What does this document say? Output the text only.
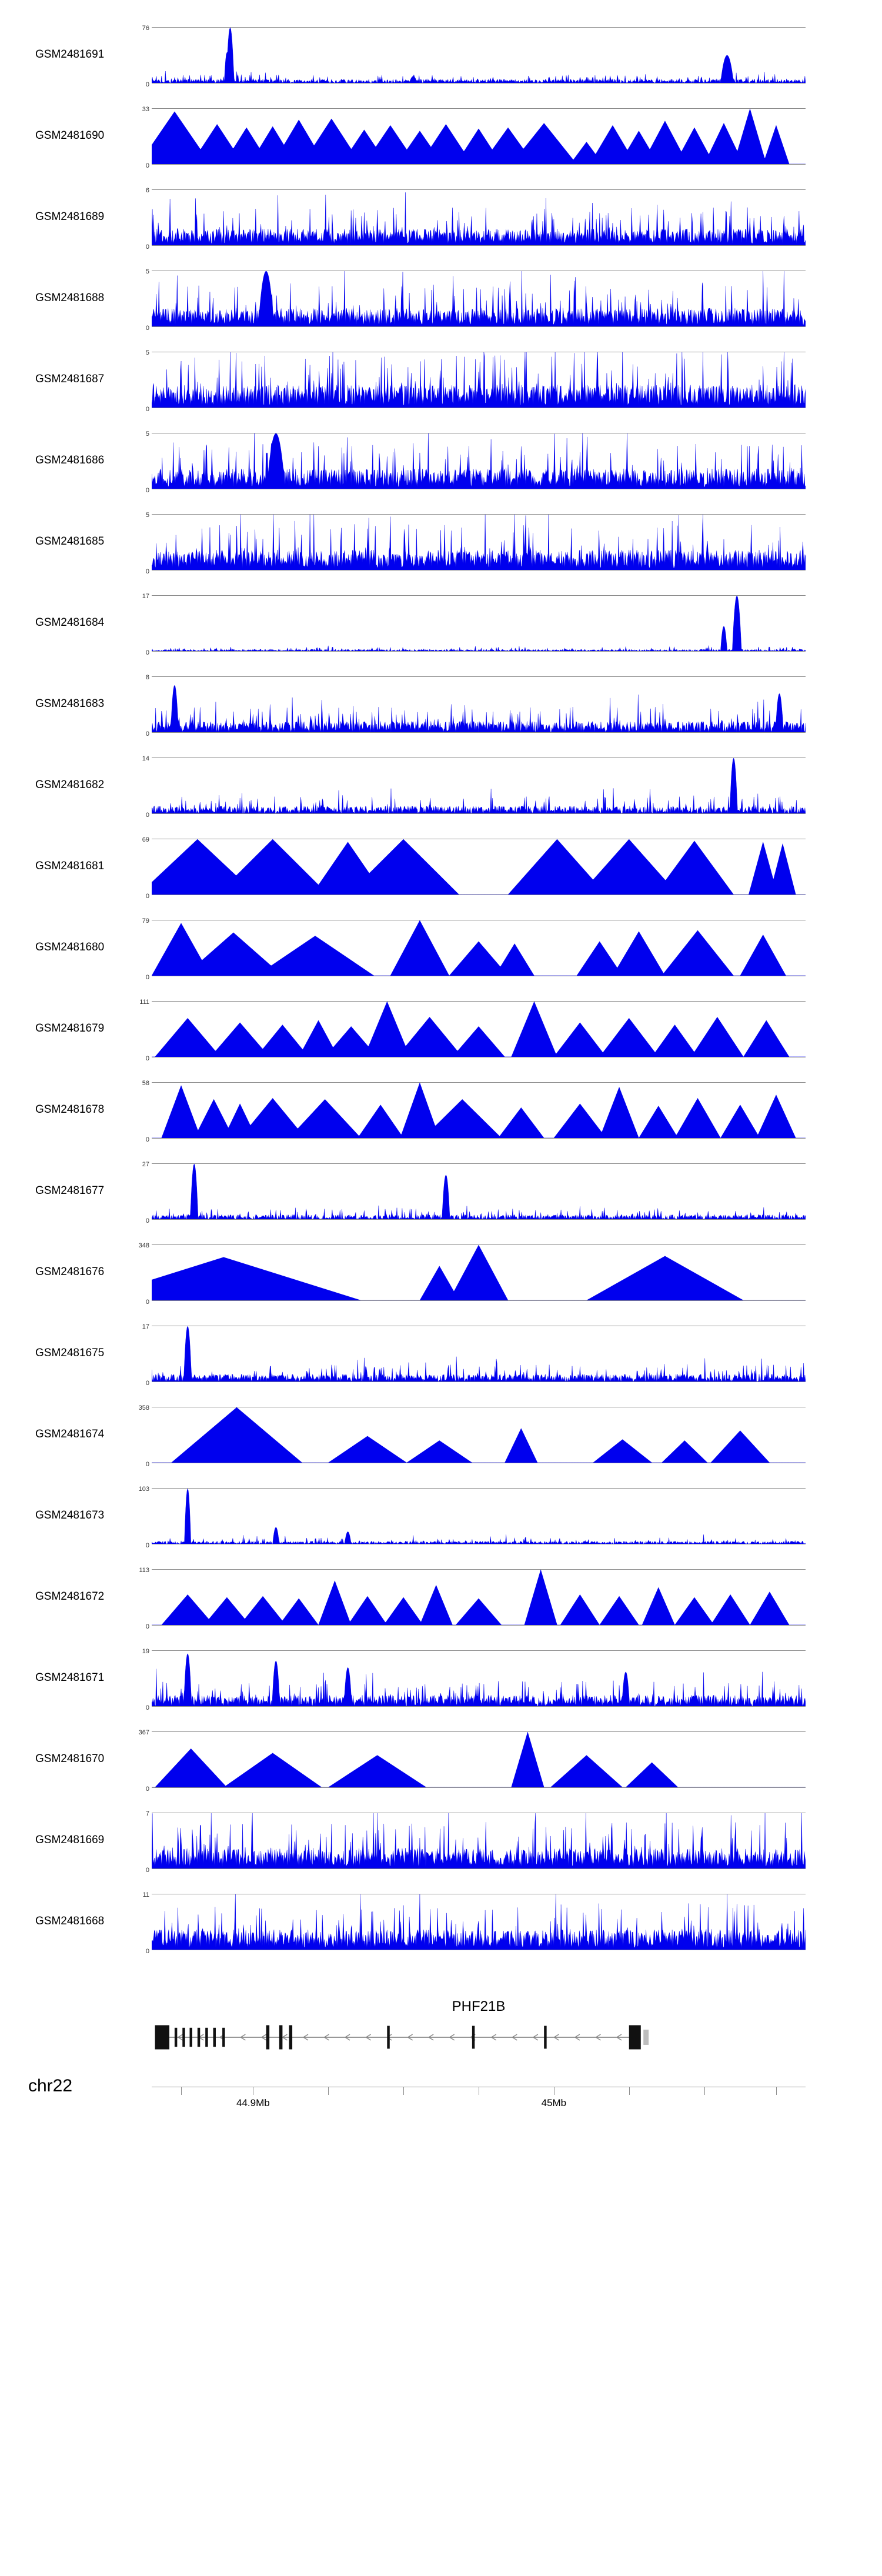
GSM2481691
76
0
GSM2481690
33
0
GSM2481689
6
0
GSM2481688
5
0
GSM2481687
5
0
GSM2481686
5
0
GSM2481685
5
0
GSM2481684
17
0
GSM2481683
8
0
GSM2481682
14
0
GSM2481681
69
0
GSM2481680
79
0
GSM2481679
111
0
GSM2481678
58
0
GSM2481677
27
0
GSM2481676
348
0
GSM2481675
17
0
GSM2481674
358
0
GSM2481673
103
0
GSM2481672
113
0
GSM2481671
19
0
GSM2481670
367
0
GSM2481669
7
0
GSM2481668
11
0
PHF21B
chr22
44.9Mb	45Mb
